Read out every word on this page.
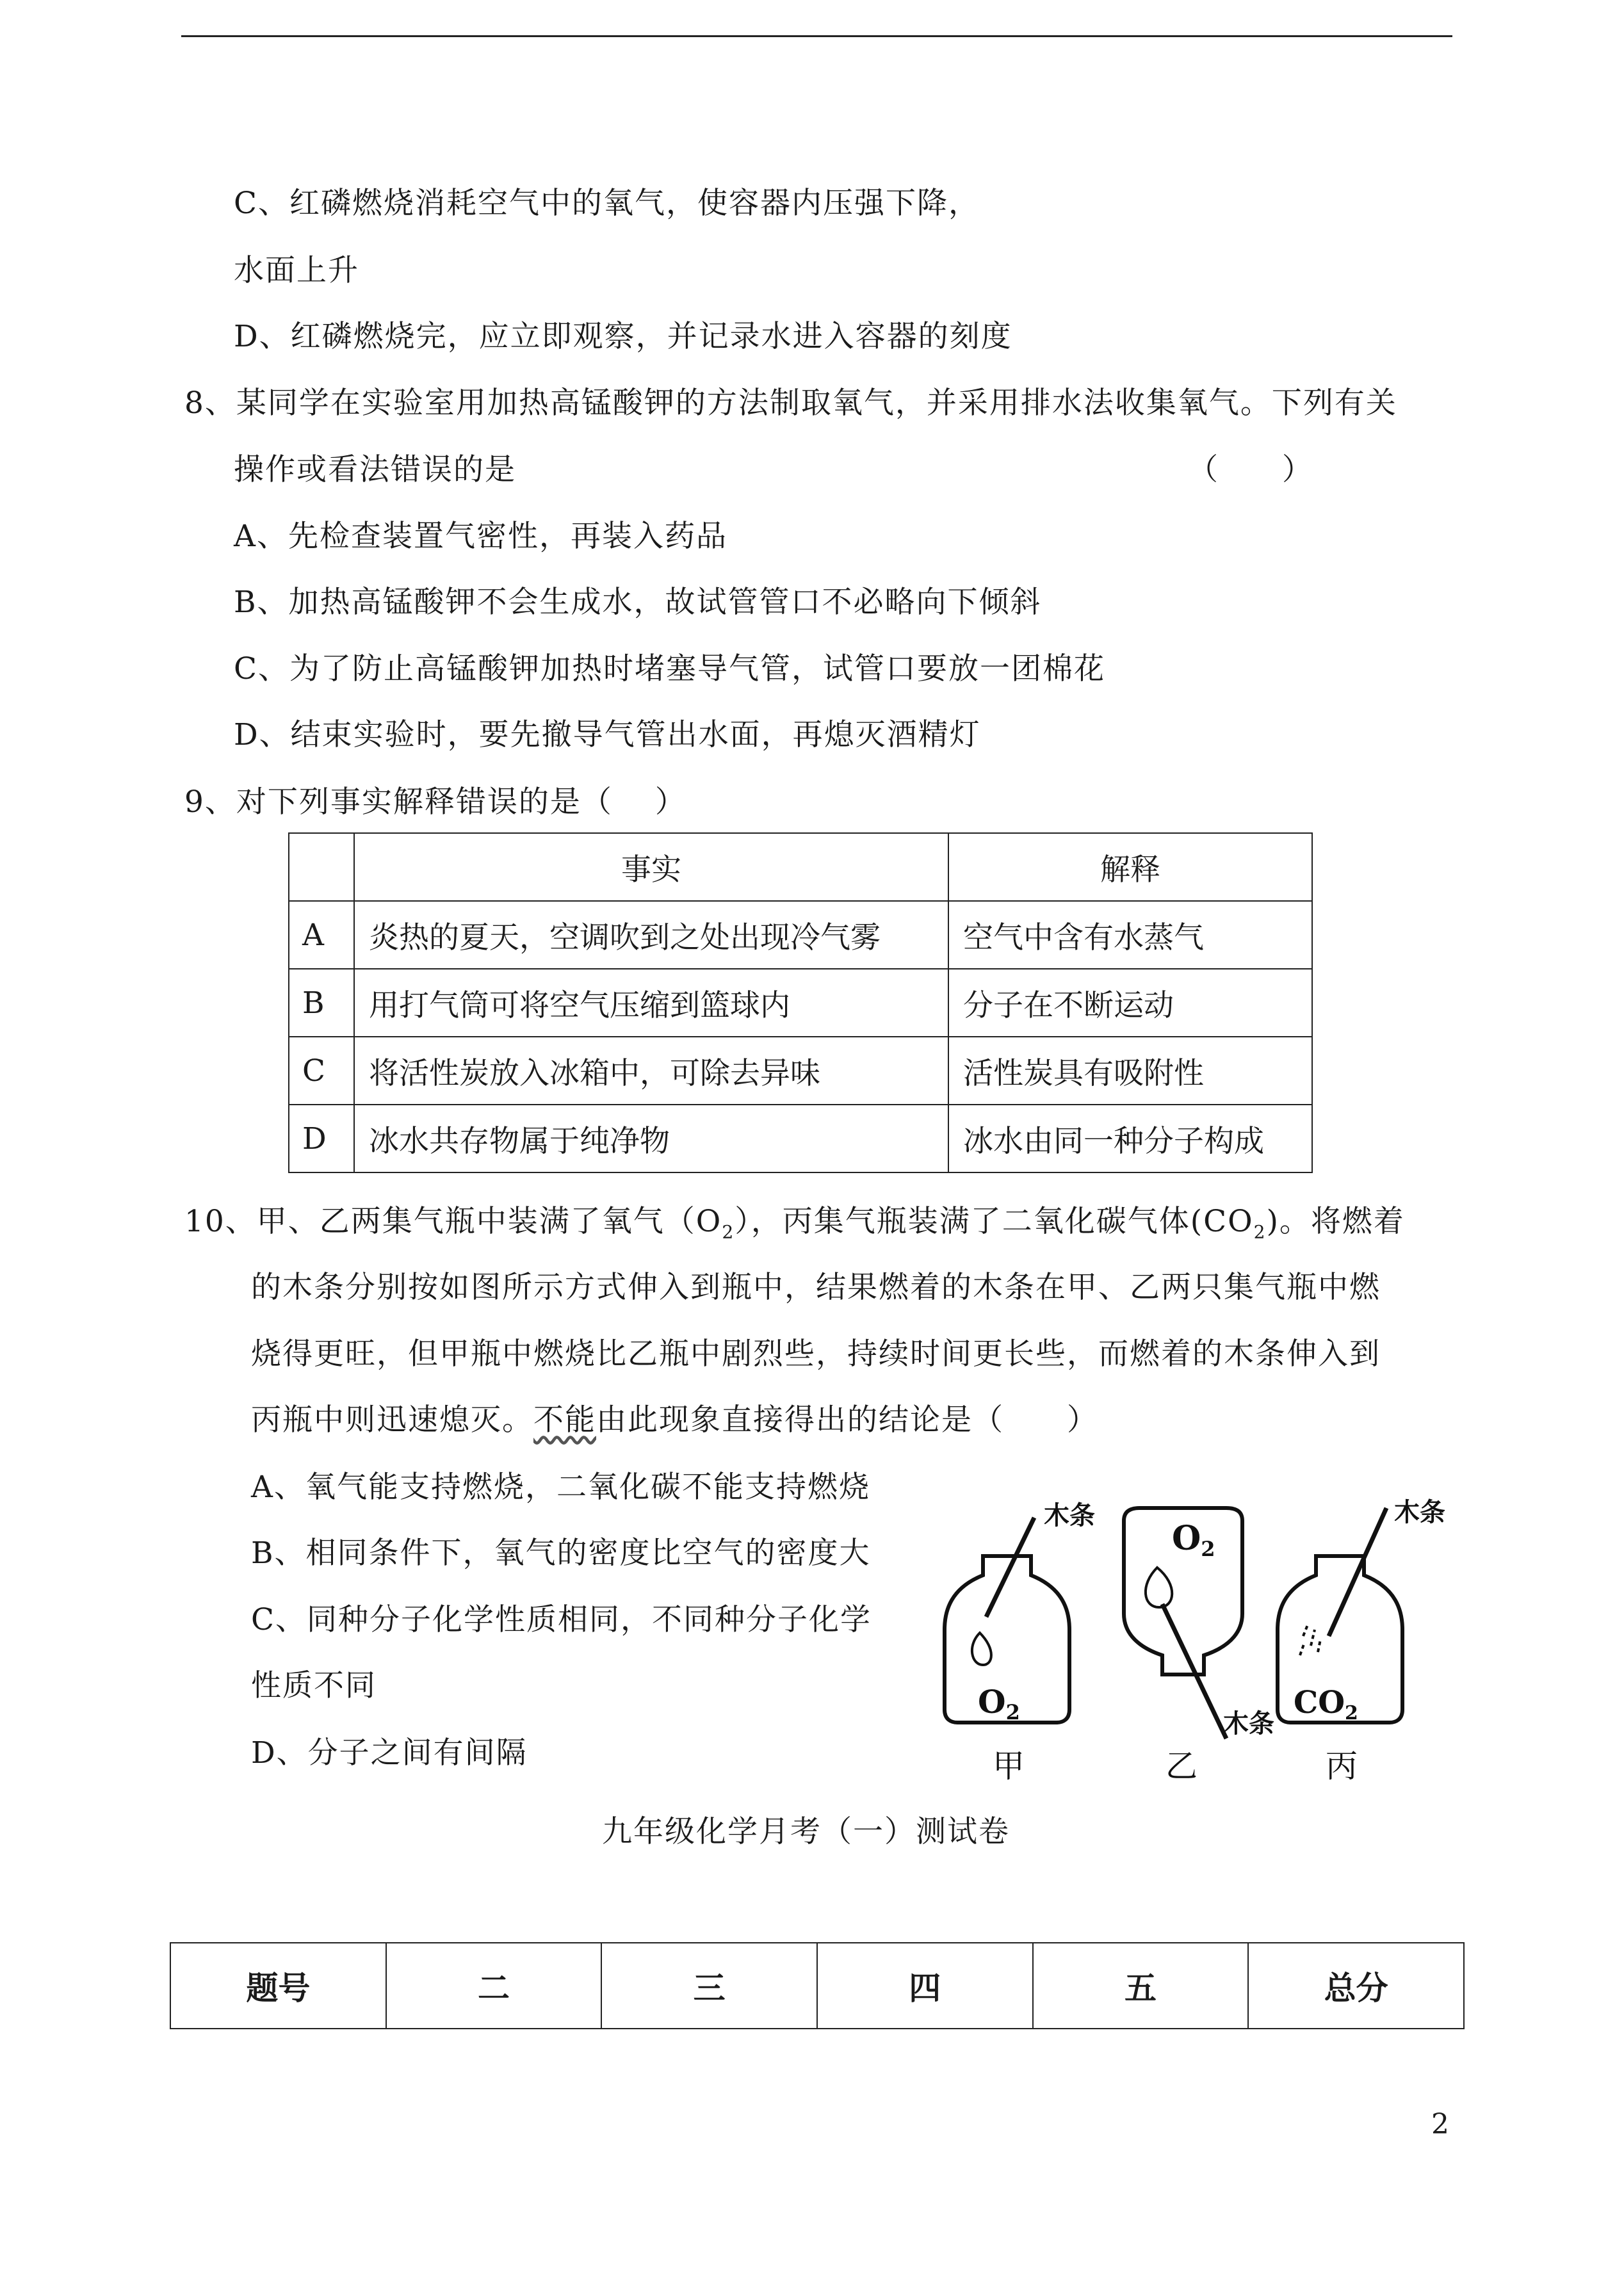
C、红磷燃烧消耗空气中的氧气，使容器内压强下降，
水面上升
D、红磷燃烧完，应立即观察，并记录水进入容器的刻度
8、某同学在实验室用加热高锰酸钾的方法制取氧气，并采用排水法收集氧气。下列有关
操作或看法错误的是	（　　）
A、先检查装置气密性，再装入药品
B、加热高锰酸钾不会生成水，故试管管口不必略向下倾斜
C、为了防止高锰酸钾加热时堵塞导气管，试管口要放一团棉花
D、结束实验时，要先撤导气管出水面，再熄灭酒精灯
9、对下列事实解释错误的是（　 ）
	事实	解释
A	炎热的夏天，空调吹到之处出现冷气雾	空气中含有水蒸气
B	用打气筒可将空气压缩到篮球内	分子在不断运动
C	将活性炭放入冰箱中，可除去异味	活性炭具有吸附性
D	冰水共存物属于纯净物	冰水由同一种分子构成
10、甲、乙两集气瓶中装满了氧气$(O_2)$，丙集气瓶装满了二氧化碳气体$(CO_2)$。将燃着
的木条分别按如图所示方式伸入到瓶中，结果燃着的木条在甲、乙两只集气瓶中燃
烧得更旺，但甲瓶中燃烧比乙瓶中剧烈些，持续时间更长些，而燃着的木条伸入到
丙瓶中则迅速熄灭。不能由此现象直接得出的结论是（　　）
A、氧气能支持燃烧，二氧化碳不能支持燃烧
B、相同条件下，氧气的密度比空气的密度大
C、同种分子化学性质相同，不同种分子化学
性质不同
D、分子之间有间隔
木条
$O_2$
甲
O2
木条
乙
木条
$CO_2$
丙
九年级化学月考（一）测试卷
题号	二	三	四	五	总分
2
